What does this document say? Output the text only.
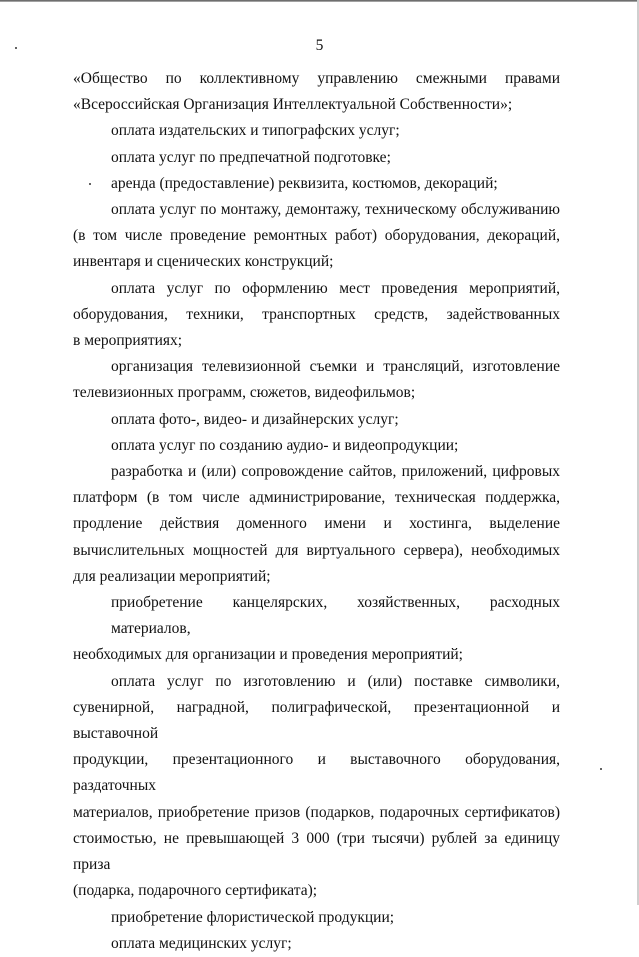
5
«Общество по коллективному управлению смежными правами
«Всероссийская Организация Интеллектуальной Собственности»;
оплата издательских и типографских услуг;
оплата услуг по предпечатной подготовке;
аренда (предоставление) реквизита, костюмов, декораций;
оплата услуг по монтажу, демонтажу, техническому обслуживанию
(в том числе проведение ремонтных работ) оборудования, декораций,
инвентаря и сценических конструкций;
оплата услуг по оформлению мест проведения мероприятий,
оборудования, техники, транспортных средств, задействованных
в мероприятиях;
организация телевизионной съемки и трансляций, изготовление
телевизионных программ, сюжетов, видеофильмов;
оплата фото-, видео- и дизайнерских услуг;
оплата услуг по созданию аудио- и видеопродукции;
разработка и (или) сопровождение сайтов, приложений, цифровых
платформ (в том числе администрирование, техническая поддержка,
продление действия доменного имени и хостинга, выделение
вычислительных мощностей для виртуального сервера), необходимых
для реализации мероприятий;
приобретение канцелярских, хозяйственных, расходных материалов,
необходимых для организации и проведения мероприятий;
оплата услуг по изготовлению и (или) поставке символики,
сувенирной, наградной, полиграфической, презентационной и выставочной
продукции, презентационного и выставочного оборудования, раздаточных
материалов, приобретение призов (подарков, подарочных сертификатов)
стоимостью, не превышающей 3 000 (три тысячи) рублей за единицу приза
(подарка, подарочного сертификата);
приобретение флористической продукции;
оплата медицинских услуг;
